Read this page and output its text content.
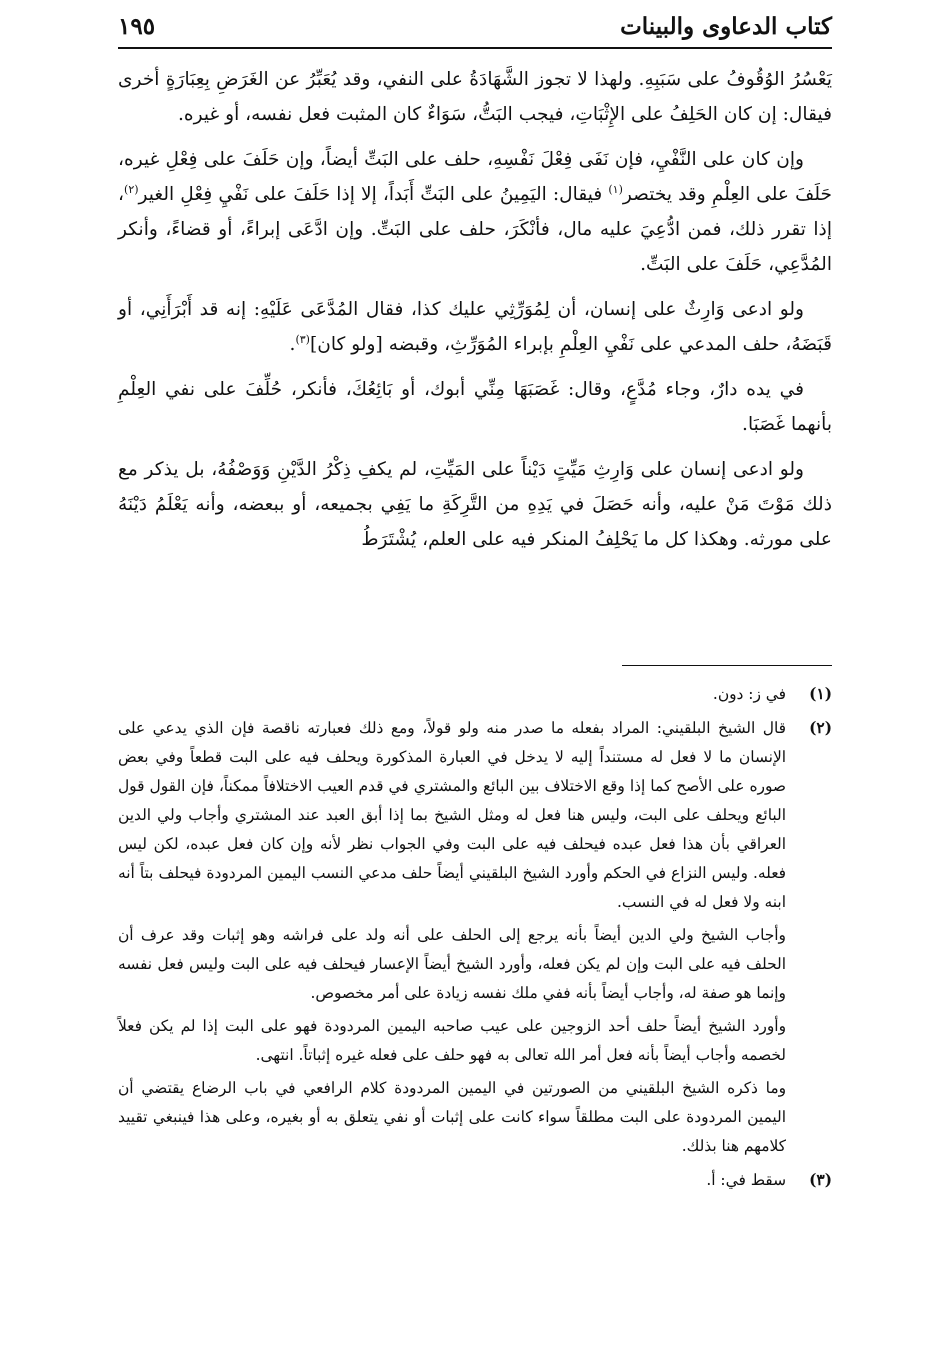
كتاب الدعاوى والبينات
١٩٥

يَعْسُرُ الوُقُوفُ على سَبَبِهِ. ولهذا لا تجوز الشَّهَادَةُ على النفي، وقد يُعَبِّرُ عن الغَرَضِ بِعِبَارَةٍ أخرى فيقال: إن كان الحَلِفُ على الإِثْبَاتِ، فيجب البَتُّ، سَوَاءٌ كان المثبت فعل نفسه، أو غيره.

وإن كان على النَّفْيِ، فإن نَفَى فِعْلَ نَفْسِهِ، حلف على البَتِّ أيضاً، وإن حَلَفَ على فِعْلِ غيره، حَلَفَ على العِلْمِ وقد يختصر$^{(١)}$ فيقال: اليَمِينُ على البَتِّ أَبَداً، إلا إذا حَلَفَ على نَفْيِ فِعْلِ الغير$^{(٢)}$، إذا تقرر ذلك، فمن ادُّعِيَ عليه مال، فأنْكَرَ، حلف على البَتِّ. وإن ادَّعَى إبراءً، أو قضاءً، وأنكر المُدَّعِي، حَلَفَ على البَتِّ.

ولو ادعى وَارِثٌ على إنسان، أن لِمُوَرِّثِي عليك كذا، فقال المُدَّعَى عَلَيْهِ: إنه قد أَبْرَأَنِي، أو قَبَضَهُ، حلف المدعي على نَفْيِ العِلْمِ بإبراء المُوَرِّثِ، وقبضه [ولو كان]$^{(٣)}$.

في يده دارٌ، وجاء مُدَّعٍ، وقال: غَصَبَهَا مِنِّي أبوك، أو بَائِعُكَ، فأنكر، حُلِّفَ على نفي العِلْمِ بأنهما غَصَبَا.

ولو ادعى إنسان على وَارِثِ مَيِّتٍ دَيْناً على المَيِّتِ، لم يكفِ ذِكْرُ الدَّيْنِ وَوَصْفُهُ، بل يذكر مع ذلك مَوْتَ مَنْ عليه، وأنه حَصَلَ في يَدِهِ من التَّرِكَةِ ما يَفِي بجميعه، أو ببعضه، وأنه يَعْلَمُ دَيْنَهُ على مورثه. وهكذا كل ما يَحْلِفُ المنكر فيه على العلم، يُشْتَرَطُ

(١)

في ز: دون.

(٢)

قال الشيخ البلقيني: المراد بفعله ما صدر منه ولو قولاً، ومع ذلك فعبارته ناقصة فإن الذي يدعي على الإنسان ما لا فعل له مستنداً إليه لا يدخل في العبارة المذكورة ويحلف فيه على البت قطعاً وفي بعض صوره على الأصح كما إذا وقع الاختلاف بين البائع والمشتري في قدم العيب الاختلافاً ممكناً، فإن القول قول البائع ويحلف على البت، وليس هنا فعل له ومثل الشيخ بما إذا أبق العبد عند المشتري وأجاب ولي الدين العراقي بأن هذا فعل عبده فيحلف فيه على البت وفي الجواب نظر لأنه وإن كان فعل عبده، لكن ليس فعله. وليس النزاع في الحكم وأورد الشيخ البلقيني أيضاً حلف مدعي النسب اليمين المردودة فيحلف بتاً أنه ابنه ولا فعل له في النسب.

وأجاب الشيخ ولي الدين أيضاً بأنه يرجع إلى الحلف على أنه ولد على فراشه وهو إثبات وقد عرف أن الحلف فيه على البت وإن لم يكن فعله، وأورد الشيخ أيضاً الإعسار فيحلف فيه على البت وليس فعل نفسه وإنما هو صفة له، وأجاب أيضاً بأنه ففي ملك نفسه زيادة على أمر مخصوص.

وأورد الشيخ أيضاً حلف أحد الزوجين على عيب صاحبه اليمين المردودة فهو على البت إذا لم يكن فعلاً لخصمه وأجاب أيضاً بأنه فعل أمر الله تعالى به فهو حلف على فعله غيره إثباتاً. انتهى.

وما ذكره الشيخ البلقيني من الصورتين في اليمين المردودة كلام الرافعي في باب الرضاع يقتضي أن اليمين المردودة على البت مطلقاً سواء كانت على إثبات أو نفي يتعلق به أو بغيره، وعلى هذا فينبغي تقييد كلامهم هنا بذلك.

(٣)

سقط في: أ.
